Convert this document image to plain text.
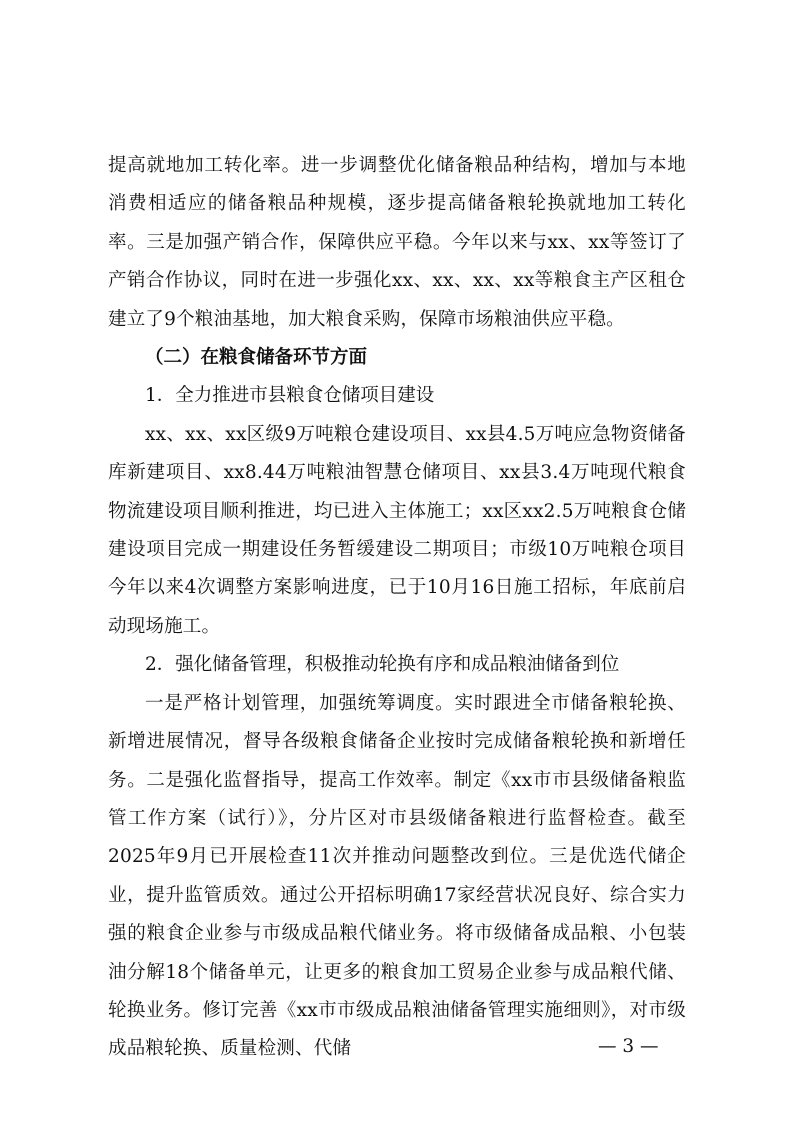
提高就地加工转化率。进一步调整优化储备粮品种结构，增加与本地消费相适应的储备粮品种规模，逐步提高储备粮轮换就地加工转化率。三是加强产销合作，保障供应平稳。今年以来与xx、xx等签订了产销合作协议，同时在进一步强化xx、xx、xx、xx等粮食主产区租仓建立了9个粮油基地，加大粮食采购，保障市场粮油供应平稳。

（二）在粮食储备环节方面

1．全力推进市县粮食仓储项目建设

xx、xx、xx区级9万吨粮仓建设项目、xx县4.5万吨应急物资储备库新建项目、xx8.44万吨粮油智慧仓储项目、xx县3.4万吨现代粮食物流建设项目顺利推进，均已进入主体施工；xx区xx2.5万吨粮食仓储建设项目完成一期建设任务暂缓建设二期项目；市级10万吨粮仓项目今年以来4次调整方案影响进度，已于10月16日施工招标，年底前启动现场施工。

2．强化储备管理，积极推动轮换有序和成品粮油储备到位

一是严格计划管理，加强统筹调度。实时跟进全市储备粮轮换、新增进展情况，督导各级粮食储备企业按时完成储备粮轮换和新增任务。二是强化监督指导，提高工作效率。制定《xx市市县级储备粮监管工作方案（试行）》，分片区对市县级储备粮进行监督检查。截至2025年9月已开展检查11次并推动问题整改到位。三是优选代储企业，提升监管质效。通过公开招标明确17家经营状况良好、综合实力强的粮食企业参与市级成品粮代储业务。将市级储备成品粮、小包装油分解18个储备单元，让更多的粮食加工贸易企业参与成品粮代储、轮换业务。修订完善《xx市市级成品粮油储备管理实施细则》，对市级成品粮轮换、质量检测、代储	— 3 —
